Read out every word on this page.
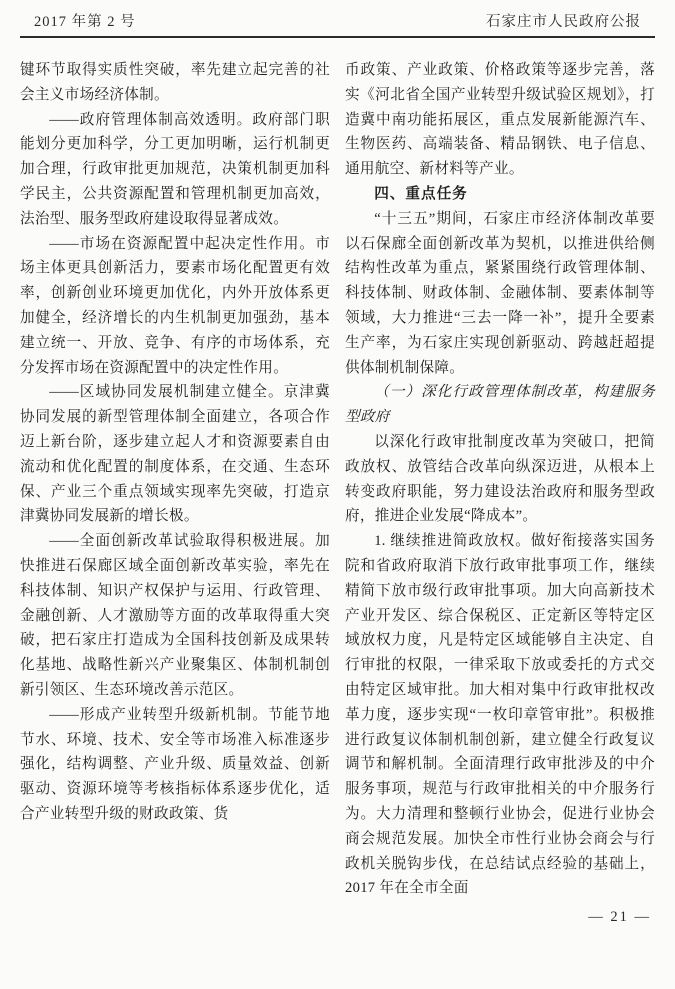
2017 年第 2 号	石家庄市人民政府公报

键环节取得实质性突破，率先建立起完善的社会主义市场经济体制。

——政府管理体制高效透明。政府部门职能划分更加科学，分工更加明晰，运行机制更加合理，行政审批更加规范，决策机制更加科学民主，公共资源配置和管理机制更加高效，法治型、服务型政府建设取得显著成效。

——市场在资源配置中起决定性作用。市场主体更具创新活力，要素市场化配置更有效率，创新创业环境更加优化，内外开放体系更加健全，经济增长的内生机制更加强劲，基本建立统一、开放、竞争、有序的市场体系，充分发挥市场在资源配置中的决定性作用。

——区域协同发展机制建立健全。京津冀协同发展的新型管理体制全面建立，各项合作迈上新台阶，逐步建立起人才和资源要素自由流动和优化配置的制度体系，在交通、生态环保、产业三个重点领域实现率先突破，打造京津冀协同发展新的增长极。

——全面创新改革试验取得积极进展。加快推进石保廊区域全面创新改革实验，率先在科技体制、知识产权保护与运用、行政管理、金融创新、人才激励等方面的改革取得重大突破，把石家庄打造成为全国科技创新及成果转化基地、战略性新兴产业聚集区、体制机制创新引领区、生态环境改善示范区。

——形成产业转型升级新机制。节能节地节水、环境、技术、安全等市场准入标准逐步强化，结构调整、产业升级、质量效益、创新驱动、资源环境等考核指标体系逐步优化，适合产业转型升级的财政政策、货

币政策、产业政策、价格政策等逐步完善，落实《河北省全国产业转型升级试验区规划》，打造冀中南功能拓展区，重点发展新能源汽车、生物医药、高端装备、精品钢铁、电子信息、通用航空、新材料等产业。

四、重点任务

“十三五”期间，石家庄市经济体制改革要以石保廊全面创新改革为契机，以推进供给侧结构性改革为重点，紧紧围绕行政管理体制、科技体制、财政体制、金融体制、要素体制等领域，大力推进“三去一降一补”，提升全要素生产率，为石家庄实现创新驱动、跨越赶超提供体制机制保障。

（一）深化行政管理体制改革，构建服务型政府

以深化行政审批制度改革为突破口，把简政放权、放管结合改革向纵深迈进，从根本上转变政府职能，努力建设法治政府和服务型政府，推进企业发展“降成本”。

1. 继续推进简政放权。做好衔接落实国务院和省政府取消下放行政审批事项工作，继续精简下放市级行政审批事项。加大向高新技术产业开发区、综合保税区、正定新区等特定区域放权力度，凡是特定区域能够自主决定、自行审批的权限，一律采取下放或委托的方式交由特定区域审批。加大相对集中行政审批权改革力度，逐步实现“一枚印章管审批”。积极推进行政复议体制机制创新，建立健全行政复议调节和解机制。全面清理行政审批涉及的中介服务事项，规范与行政审批相关的中介服务行为。大力清理和整顿行业协会，促进行业协会商会规范发展。加快全市性行业协会商会与行政机关脱钩步伐，在总结试点经验的基础上，2017 年在全市全面

— 21 —
